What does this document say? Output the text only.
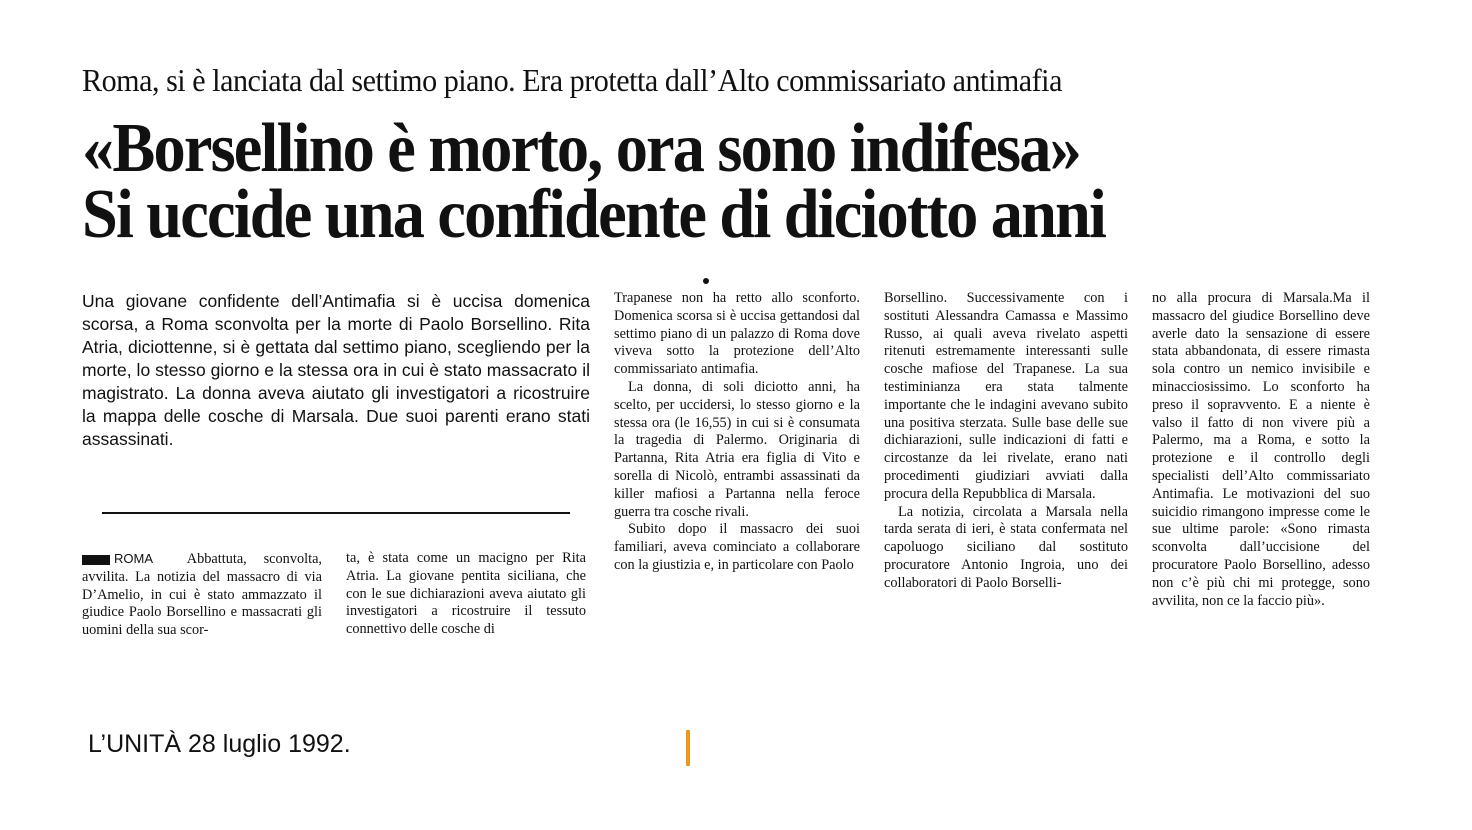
Roma, si è lanciata dal settimo piano. Era protetta dall’Alto commissariato antimafia
«Borsellino è morto, ora sono indifesa»
Si uccide una confidente di diciotto anni
Una giovane confidente dell’Antimafia si è uccisa domenica scorsa, a Roma sconvolta per la morte di Paolo Borsellino. Rita Atria, diciottenne, si è gettata dal settimo piano, scegliendo per la morte, lo stesso giorno e la stessa ora in cui è stato massacrato il magistrato. La donna aveva aiutato gli investigatori a ricostruire la mappa delle cosche di Marsala. Due suoi parenti erano stati assassinati.

ROMA Abbattuta, sconvolta, avvilita. La notizia del massacro di via D’Amelio, in cui è stato ammazzato il giudice Paolo Borsellino e massacrati gli uomini della sua scor-

ta, è stata come un macigno per Rita Atria. La giovane pentita siciliana, che con le sue dichiarazioni aveva aiutato gli investigatori a ricostruire il tessuto connettivo delle cosche di

Trapanese non ha retto allo sconforto. Domenica scorsa si è uccisa gettandosi dal settimo piano di un palazzo di Roma dove viveva sotto la protezione dell’Alto commissariato antimafia.

La donna, di soli diciotto anni, ha scelto, per uccidersi, lo stesso giorno e la stessa ora (le 16,55) in cui si è consumata la tragedia di Palermo. Originaria di Partanna, Rita Atria era figlia di Vito e sorella di Nicolò, entrambi assassinati da killer mafiosi a Partanna nella feroce guerra tra cosche rivali.

Subito dopo il massacro dei suoi familiari, aveva cominciato a collaborare con la giustizia e, in particolare con Paolo

Borsellino. Successivamente con i sostituti Alessandra Camassa e Massimo Russo, ai quali aveva rivelato aspetti ritenuti estremamente interessanti sulle cosche mafiose del Trapanese. La sua testiminianza era stata talmente importante che le indagini avevano subito una positiva sterzata. Sulle base delle sue dichiarazioni, sulle indicazioni di fatti e circostanze da lei rivelate, erano nati procedimenti giudiziari avviati dalla procura della Repubblica di Marsala.

La notizia, circolata a Marsala nella tarda serata di ieri, è stata confermata nel capoluogo siciliano dal sostituto procuratore Antonio Ingroia, uno dei collaboratori di Paolo Borselli-

no alla procura di Marsala.Ma il massacro del giudice Borsellino deve averle dato la sensazione di essere stata abbandonata, di essere rimasta sola contro un nemico invisibile e minacciosissimo. Lo sconforto ha preso il sopravvento. E a niente è valso il fatto di non vivere più a Palermo, ma a Roma, e sotto la protezione e il controllo degli specialisti dell’Alto commissariato Antimafia. Le motivazioni del suo suicidio rimangono impresse come le sue ultime parole: «Sono rimasta sconvolta dall’uccisione del procuratore Paolo Borsellino, adesso non c’è più chi mi protegge, sono avvilita, non ce la faccio più».

L’UNITÀ 28 luglio 1992.
